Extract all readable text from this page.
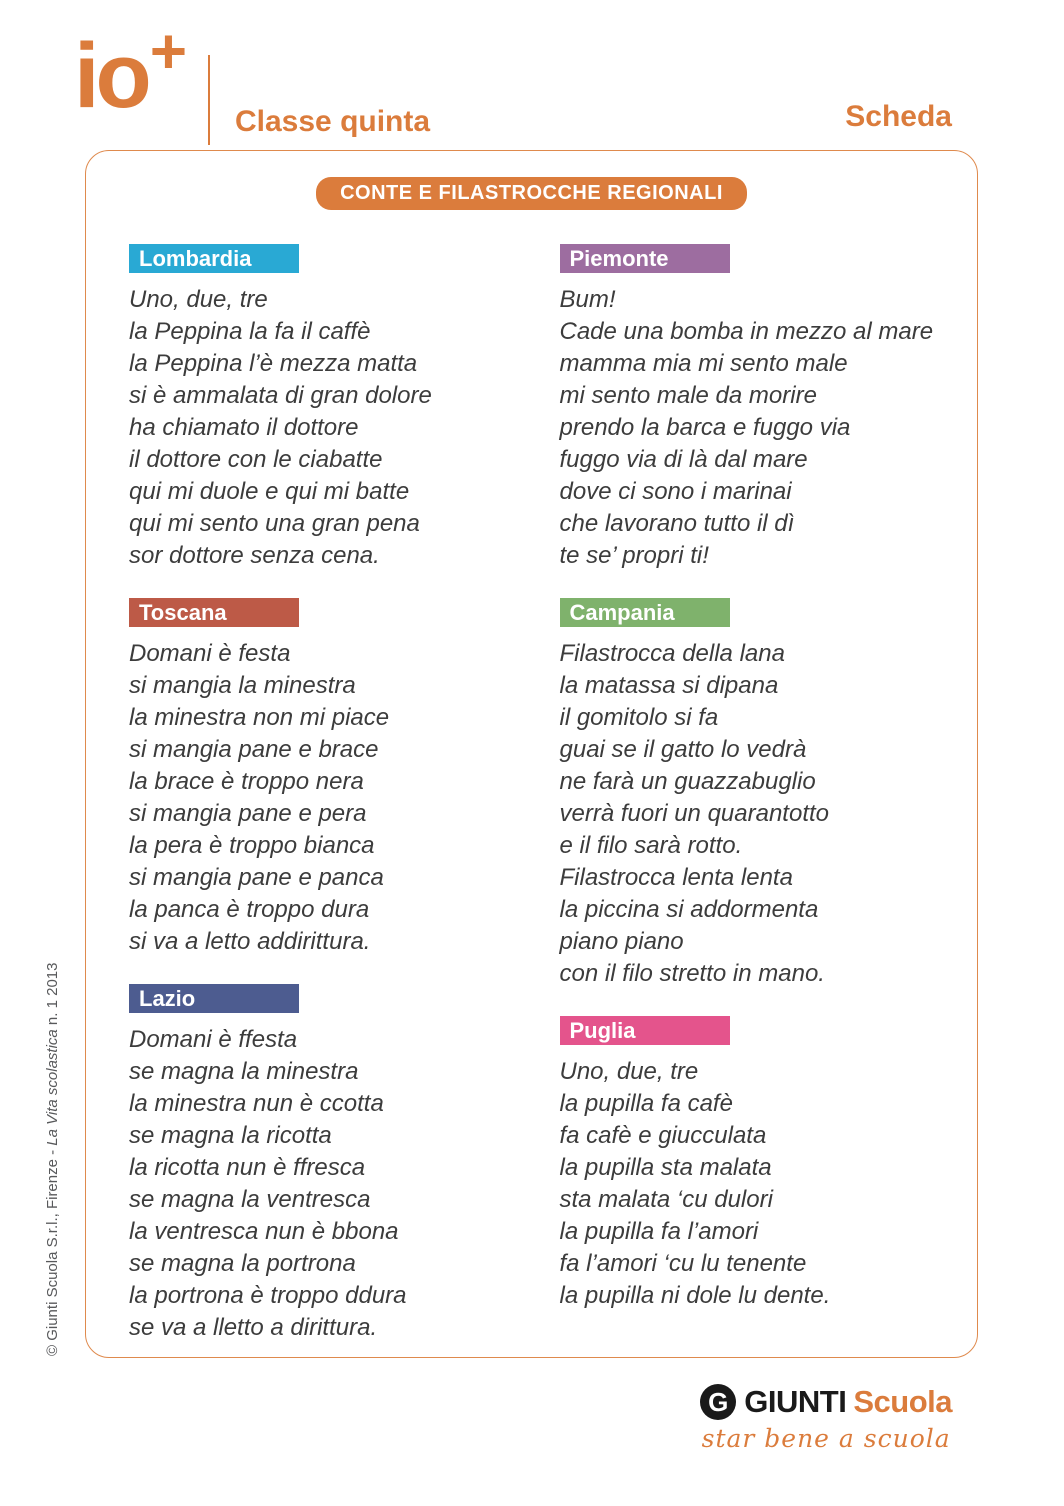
io+
Classe quinta	Scheda
CONTE E FILASTROCCHE REGIONALI
Lombardia

Uno, due, tre

la Peppina la fa il caffè

la Peppina l’è mezza matta

si è ammalata di gran dolore

ha chiamato il dottore

il dottore con le ciabatte

qui mi duole e qui mi batte

qui mi sento una gran pena

sor dottore senza cena.

Toscana

Domani è festa

si mangia la minestra

la minestra non mi piace

si mangia pane e brace

la brace è troppo nera

si mangia pane e pera

la pera è troppo bianca

si mangia pane e panca

la panca è troppo dura

si va a letto addirittura.

Lazio

Domani è ffesta

se magna la minestra

la minestra nun è ccotta

se magna la ricotta

la ricotta nun è ffresca

se magna la ventresca

la ventresca nun è bbona

se magna la portrona

la portrona è troppo ddura

se va a lletto a dirittura.

Piemonte

Bum!

Cade una bomba in mezzo al mare

mamma mia mi sento male

mi sento male da morire

prendo la barca e fuggo via

fuggo via di là dal mare

dove ci sono i marinai

che lavorano tutto il dì

te se’ propri ti!

Campania

Filastrocca della lana

la matassa si dipana

il gomitolo si fa

guai se il gatto lo vedrà

ne farà un guazzabuglio

verrà fuori un quarantotto

e il filo sarà rotto.

Filastrocca lenta lenta

la piccina si addormenta

piano piano

con il filo stretto in mano.

Puglia

Uno, due, tre

la pupilla fa cafè

fa cafè e giucculata

la pupilla sta malata

sta malata ‘cu dulori

la pupilla fa l’amori

fa l’amori ‘cu lu tenente

la pupilla ni dole lu dente.

© Giunti Scuola S.r.l., Firenze - La Vita scolastica n. 1 2013
G GIUNTI Scuola
star bene a scuola
